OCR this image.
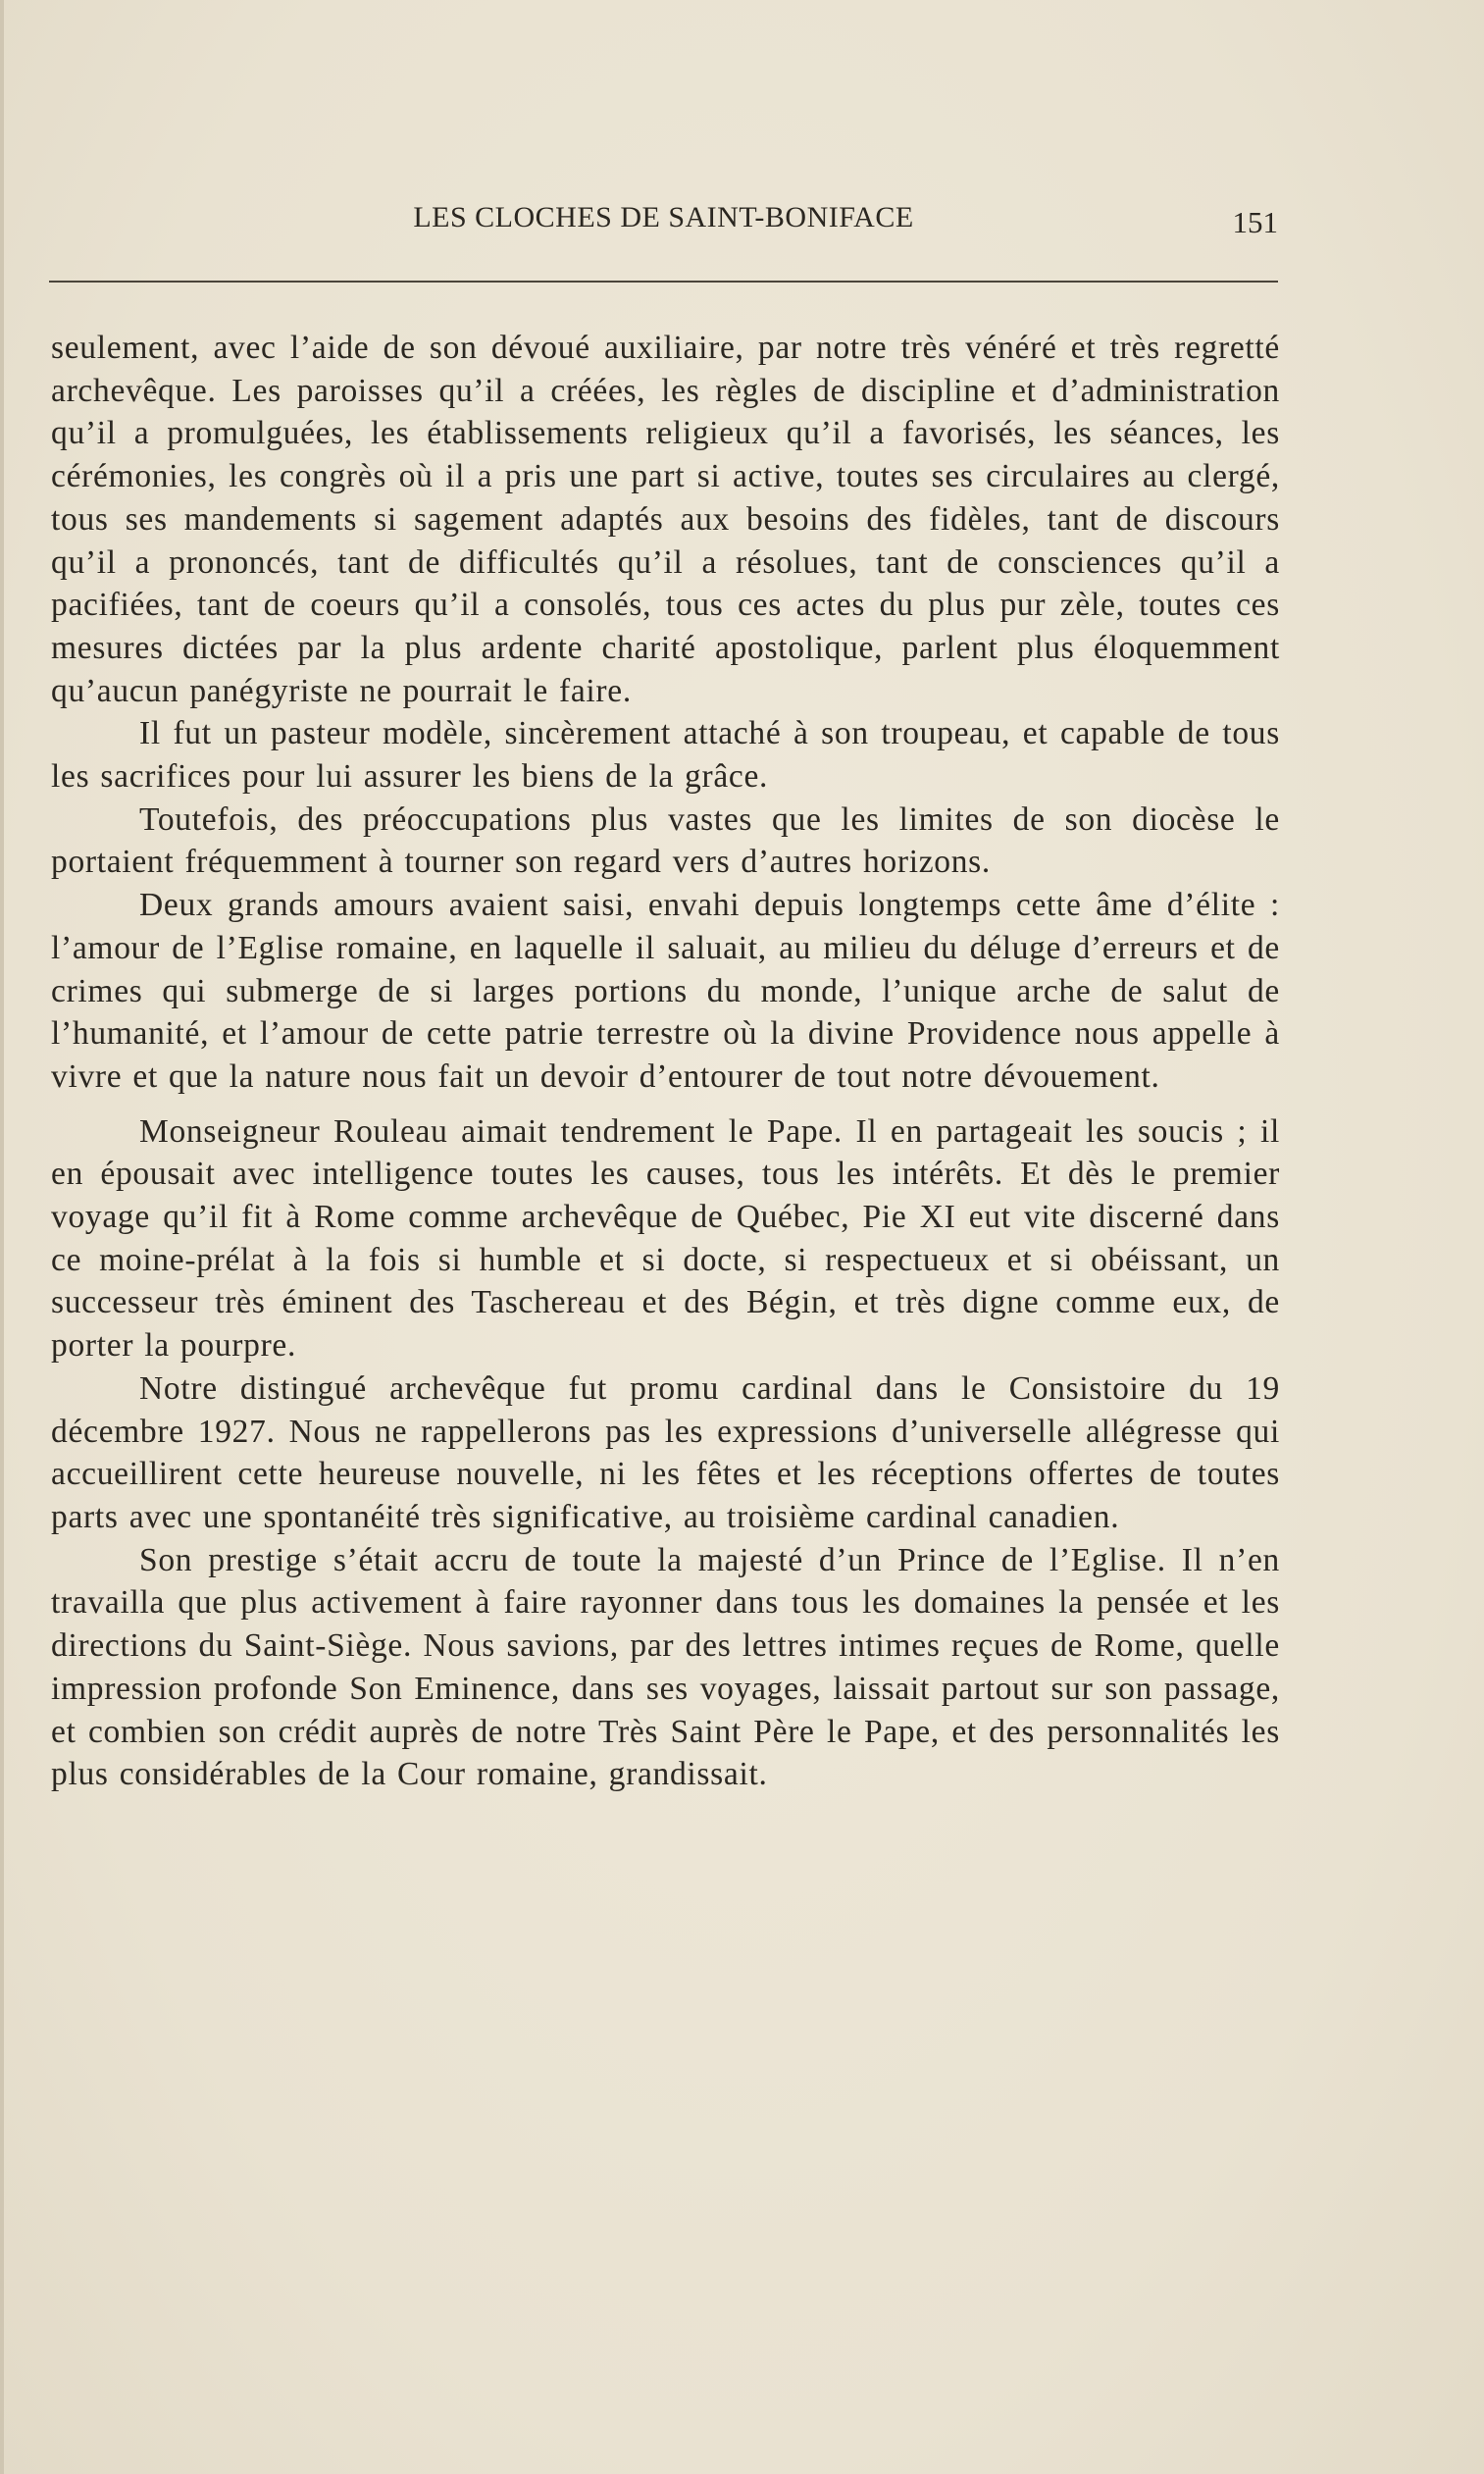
LES CLOCHES DE SAINT-BONIFACE	151

seulement, avec l’aide de son dévoué auxiliaire, par notre très vénéré et très regretté archevêque. Les paroisses qu’il a créées, les règles de discipline et d’administration qu’il a promulguées, les établissements religieux qu’il a favorisés, les séances, les cérémonies, les congrès où il a pris une part si active, toutes ses circulaires au clergé, tous ses mandements si sagement adaptés aux besoins des fidèles, tant de discours qu’il a prononcés, tant de difficultés qu’il a résolues, tant de consciences qu’il a pacifiées, tant de coeurs qu’il a consolés, tous ces actes du plus pur zèle, toutes ces mesures dictées par la plus ardente charité apostolique, parlent plus éloquemment qu’aucun panégyriste ne pourrait le faire.

Il fut un pasteur modèle, sincèrement attaché à son troupeau, et capable de tous les sacrifices pour lui assurer les biens de la grâce.

Toutefois, des préoccupations plus vastes que les limites de son diocèse le portaient fréquemment à tourner son regard vers d’autres horizons.

Deux grands amours avaient saisi, envahi depuis longtemps cette âme d’élite : l’amour de l’Eglise romaine, en laquelle il saluait, au milieu du déluge d’erreurs et de crimes qui submerge de si larges portions du monde, l’unique arche de salut de l’humanité, et l’amour de cette patrie terrestre où la divine Providence nous appelle à vivre et que la nature nous fait un devoir d’entourer de tout notre dévouement.

Monseigneur Rouleau aimait tendrement le Pape. Il en partageait les soucis ; il en épousait avec intelligence toutes les causes, tous les intérêts. Et dès le premier voyage qu’il fit à Rome comme archevêque de Québec, Pie XI eut vite discerné dans ce moine-prélat à la fois si humble et si docte, si respectueux et si obéissant, un successeur très éminent des Taschereau et des Bégin, et très digne comme eux, de porter la pourpre.

Notre distingué archevêque fut promu cardinal dans le Consistoire du 19 décembre 1927. Nous ne rappellerons pas les expressions d’universelle allégresse qui accueillirent cette heureuse nouvelle, ni les fêtes et les réceptions offertes de toutes parts avec une spontanéité très significative, au troisième cardinal canadien.

Son prestige s’était accru de toute la majesté d’un Prince de l’Eglise. Il n’en travailla que plus activement à faire rayonner dans tous les domaines la pensée et les directions du Saint-Siège. Nous savions, par des lettres intimes reçues de Rome, quelle impression profonde Son Eminence, dans ses voyages, laissait partout sur son passage, et combien son crédit auprès de notre Très Saint Père le Pape, et des personnalités les plus considérables de la Cour romaine, grandissait.
